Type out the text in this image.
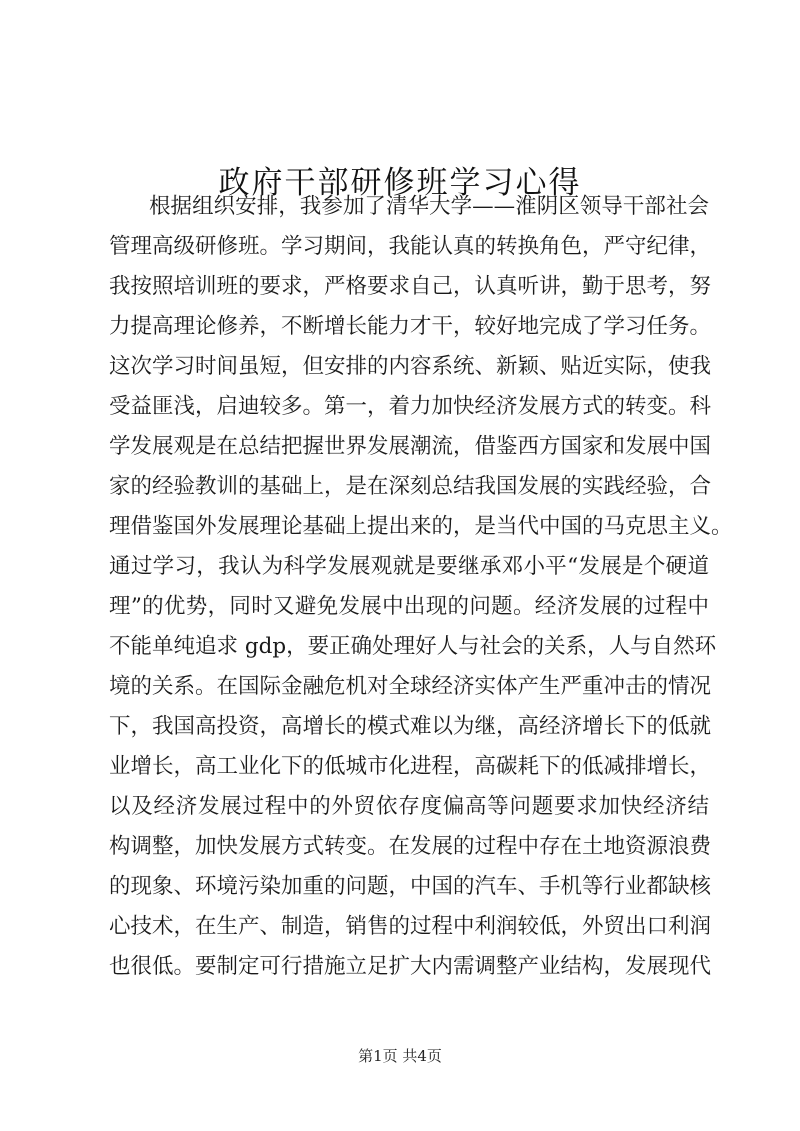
政府干部研修班学习心得
根据组织安排，我参加了清华大学——淮阴区领导干部社会
管理高级研修班。学习期间，我能认真的转换角色，严守纪律，
我按照培训班的要求，严格要求自己，认真听讲，勤于思考，努
力提高理论修养，不断增长能力才干，较好地完成了学习任务。
这次学习时间虽短，但安排的内容系统、新颖、贴近实际，使我
受益匪浅，启迪较多。第一，着力加快经济发展方式的转变。科
学发展观是在总结把握世界发展潮流，借鉴西方国家和发展中国
家的经验教训的基础上，是在深刻总结我国发展的实践经验，合
理借鉴国外发展理论基础上提出来的，是当代中国的马克思主义。
通过学习，我认为科学发展观就是要继承邓小平“发展是个硬道
理”的优势，同时又避免发展中出现的问题。经济发展的过程中
不能单纯追求 gdp，要正确处理好人与社会的关系，人与自然环
境的关系。在国际金融危机对全球经济实体产生严重冲击的情况
下，我国高投资，高增长的模式难以为继，高经济增长下的低就
业增长，高工业化下的低城市化进程，高碳耗下的低减排增长，
以及经济发展过程中的外贸依存度偏高等问题要求加快经济结
构调整，加快发展方式转变。在发展的过程中存在土地资源浪费
的现象、环境污染加重的问题，中国的汽车、手机等行业都缺核
心技术，在生产、制造，销售的过程中利润较低，外贸出口利润
也很低。要制定可行措施立足扩大内需调整产业结构，发展现代
第1页 共4页
